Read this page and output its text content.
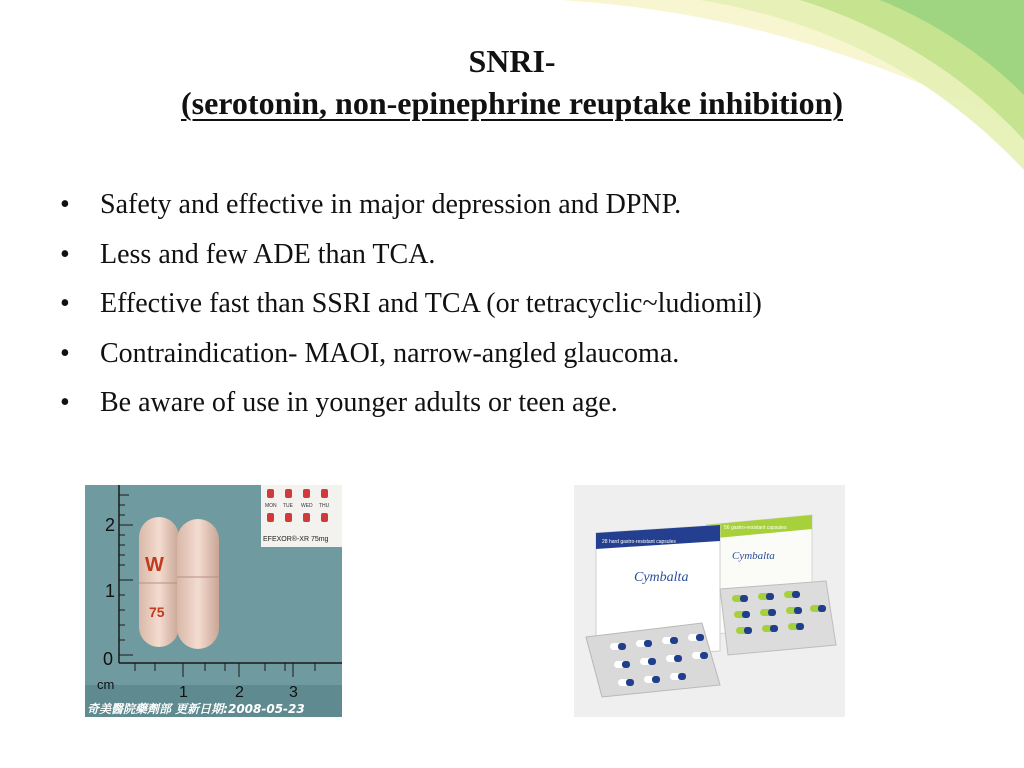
SNRI-
(serotonin, non-epinephrine reuptake inhibition)
• Safety and effective in major depression and DPNP.
• Less and few ADE than TCA.
• Effective fast than SSRI and TCA (or tetracyclic~ludiomil)
• Contraindication- MAOI, narrow-angled glaucoma.
• Be aware of use in younger adults or teen age.
2
1
0
cm	1	2	3
W
75
MON TUE WED THU
EFEXOR®-XR 75mg
奇美醫院藥劑部 更新日期:2008-05-23
56 gastro-resistant capsules
Cymbalta
28 hard gastro-resistant capsules
Cymbalta
